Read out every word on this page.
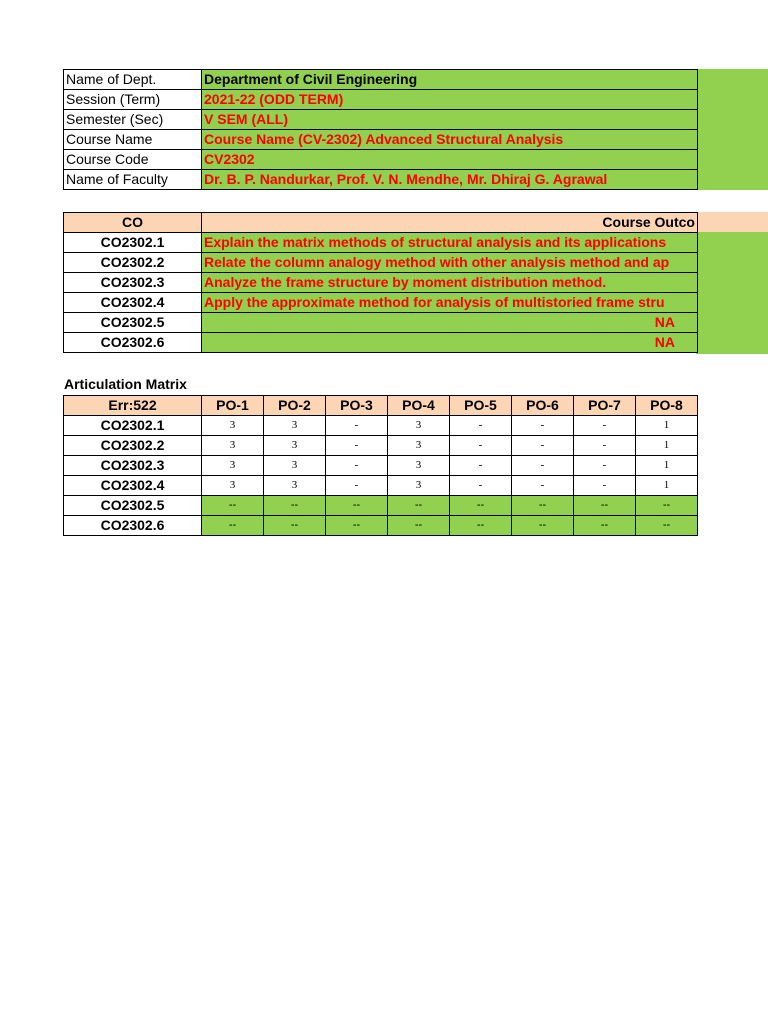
Name of Dept.	Department of Civil Engineering
Session (Term)	2021-22 (ODD TERM)
Semester (Sec)	V SEM (ALL)
Course Name	Course Name (CV-2302) Advanced Structural Analysis
Course Code	CV2302
Name of Faculty	Dr. B. P. Nandurkar, Prof. V. N. Mendhe, Mr. Dhiraj G. Agrawal
CO	Course Outco
CO2302.1	Explain the matrix methods of structural analysis and its applications
CO2302.2	Relate the column analogy method with other analysis method and ap
CO2302.3	Analyze the frame structure by moment distribution method.
CO2302.4	Apply the approximate method for analysis of multistoried frame stru
CO2302.5	NA
CO2302.6	NA
Articulation Matrix
Err:522	PO-1	PO-2	PO-3	PO-4	PO-5	PO-6	PO-7	PO-8
CO2302.1	3	3	-	3	-	-	-	1
CO2302.2	3	3	-	3	-	-	-	1
CO2302.3	3	3	-	3	-	-	-	1
CO2302.4	3	3	-	3	-	-	-	1
CO2302.5	--	--	--	--	--	--	--	--
CO2302.6	--	--	--	--	--	--	--	--
